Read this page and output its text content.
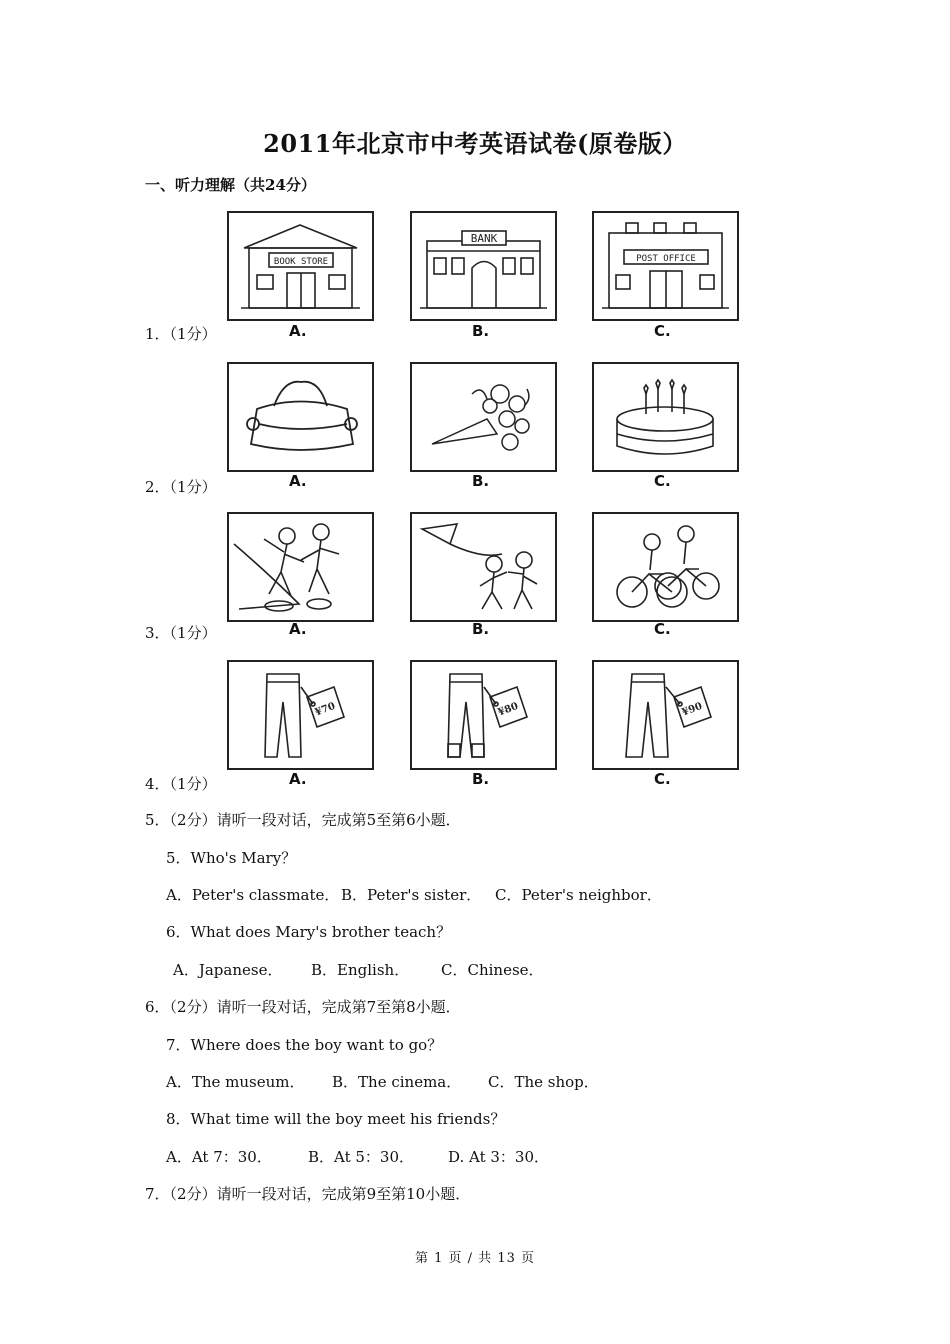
2011年北京市中考英语试卷(原卷版）
一、听力理解（共24分）
1．（1分）
BOOK STORE
BANK
POST OFFICE
A.	B.	C.
2．（1分）	A.	B.	C.
3．（1分）	A.	B.	C.
4．（1分）
¥70	¥80	¥90
A.	B.	C.
5．（2分）请听一段对话，完成第5至第6小题．
5．Who's Mary？
A．Peter's classmate． B．Peter's sister． C．Peter's neighbor．
6．What does Mary's brother teach？
A．Japanese． B．English． C．Chinese．
6．（2分）请听一段对话，完成第7至第8小题．
7．Where does the boy want to go？
A．The museum． B．The cinema． C．The shop．
8．What time will the boy meet his friends？
A．At 7：30． B．At 5：30． D. At 3：30．
7．（2分）请听一段对话，完成第9至第10小题．
第 1 页 / 共 13 页
